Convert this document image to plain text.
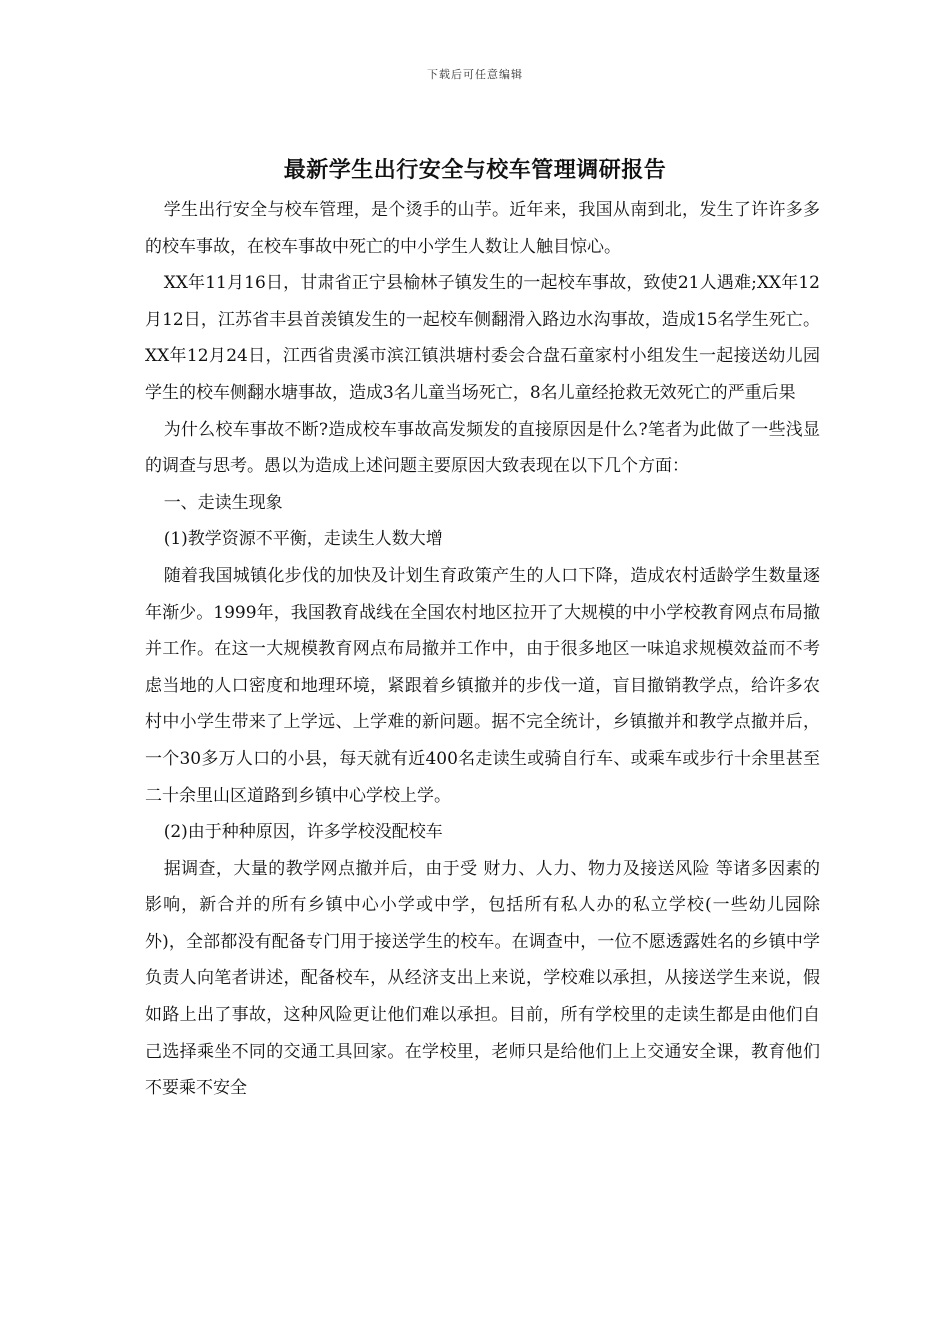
下载后可任意编辑
最新学生出行安全与校车管理调研报告

学生出行安全与校车管理，是个烫手的山芋。近年来，我国从南到北，发生了许许多多的校车事故，在校车事故中死亡的中小学生人数让人触目惊心。

XX年11月16日，甘肃省正宁县榆林子镇发生的一起校车事故，致使21人遇难;XX年12月12日，江苏省丰县首羡镇发生的一起校车侧翻滑入路边水沟事故，造成15名学生死亡。XX年12月24日，江西省贵溪市滨江镇洪塘村委会合盘石童家村小组发生一起接送幼儿园学生的校车侧翻水塘事故，造成3名儿童当场死亡，8名儿童经抢救无效死亡的严重后果

为什么校车事故不断?造成校车事故高发频发的直接原因是什么?笔者为此做了一些浅显的调查与思考。愚以为造成上述问题主要原因大致表现在以下几个方面：

一、走读生现象

(1)教学资源不平衡，走读生人数大增

随着我国城镇化步伐的加快及计划生育政策产生的人口下降，造成农村适龄学生数量逐年渐少。1999年，我国教育战线在全国农村地区拉开了大规模的中小学校教育网点布局撤并工作。在这一大规模教育网点布局撤并工作中，由于很多地区一味追求规模效益而不考虑当地的人口密度和地理环境，紧跟着乡镇撤并的步伐一道，盲目撤销教学点，给许多农村中小学生带来了上学远、上学难的新问题。据不完全统计，乡镇撤并和教学点撤并后，一个30多万人口的小县，每天就有近400名走读生或骑自行车、或乘车或步行十余里甚至二十余里山区道路到乡镇中心学校上学。

(2)由于种种原因，许多学校没配校车

据调查，大量的教学网点撤并后，由于受 财力、人力、物力及接送风险 等诸多因素的影响，新合并的所有乡镇中心小学或中学，包括所有私人办的私立学校(一些幼儿园除外)，全部都没有配备专门用于接送学生的校车。在调查中，一位不愿透露姓名的乡镇中学负责人向笔者讲述，配备校车，从经济支出上来说，学校难以承担，从接送学生来说，假如路上出了事故，这种风险更让他们难以承担。目前，所有学校里的走读生都是由他们自己选择乘坐不同的交通工具回家。在学校里，老师只是给他们上上交通安全课，教育他们不要乘不安全
